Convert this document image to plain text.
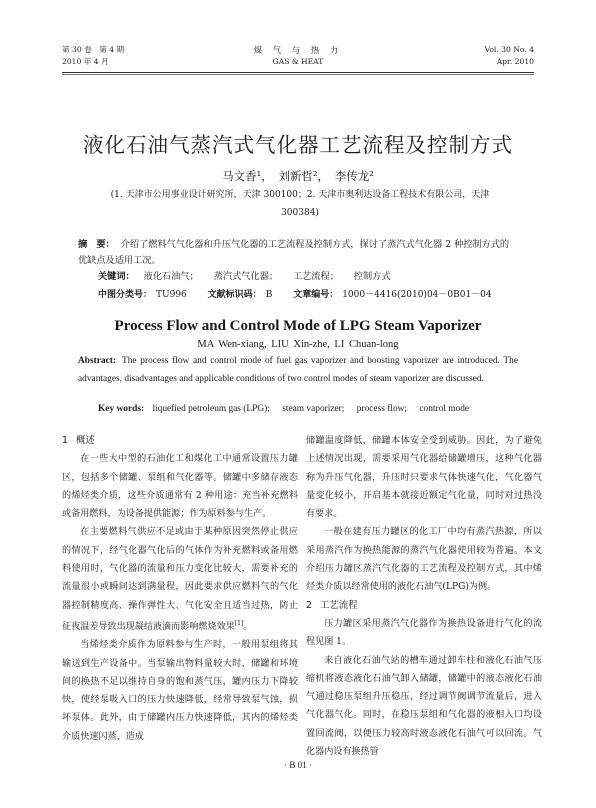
第 30 卷　第 4 期
2010 年 4 月
煤 气 与 热 力
GAS & HEAT
Vol. 30 No. 4
Apr. 2010
液化石油气蒸汽式气化器工艺流程及控制方式
马文香¹，　刘新哲²，　李传龙²
(1. 天津市公用事业设计研究所，天津 300100；2. 天津市奥利达设备工程技术有限公司，天津 300384)
摘　要： 介绍了燃料气气化器和升压气化器的工艺流程及控制方式，探讨了蒸汽式气化器 2 种控制方式的优缺点及适用工况。
关键词： 液化石油气； 蒸汽式气化器； 工艺流程； 控制方式
中图分类号： TU996 文献标识码： B 文章编号： 1000－4416(2010)04－0B01－04
Process Flow and Control Mode of LPG Steam Vaporizer
MA Wen-xiang, LIU Xin-zhe, LI Chuan-long
Abstract: The process flow and control mode of fuel gas vaporizer and boosting vaporizer are introduced. The advantages, disadvantages and applicable conditions of two control modes of steam vaporizer are discussed.
Key words: liquefied petroleum gas (LPG); steam vaporizer; process flow; control mode
1 概述

在一些大中型的石油化工和煤化工中通常设置压力罐区，包括多个储罐、泵组和气化器等。储罐中多储存液态的烯烃类介质，这些介质通常有 2 种用途：充当补充燃料或备用燃料，为设备提供能源；作为原料参与生产。

在主要燃料气供应不足或由于某种原因突然停止供应的情况下，经气化器气化后的气体作为补充燃料或备用燃料使用时，气化器的流量和压力变化比较大，需要补充的流量很小或瞬间达到满量程，因此要求供应燃料气的气化器控制精度高、操作弹性大、气化安全且适当过热，防止征夜温差导致出现凝结液滴而影响燃烧效果[1]。

当烯烃类介质作为原料参与生产时，一般用泵组将其输送到生产设备中。当泵输出物料量较大时，储罐和环境间的换热不足以维持自身的饱和蒸气压，罐内压力下降较快，使经泵吸入口的压力快速降低，经常导致泵气蚀，损坏泵体。此外，由于储罐内压力快速降低，其内的烯烃类介质快速闪蒸，造成

储罐温度降低，储罐本体安全受到威胁。因此，为了避免上述情况出现，需要采用气化器给储罐增压，这种气化器称为升压气化器，升压时只要求气体快速气化，气化器气量变化较小，开启基本就接近额定气化量，同时对过热没有要求。

一般在建有压力罐区的化工厂中均有蒸汽热源，所以采用蒸汽作为换热能源的蒸汽气化器使用较为普遍。本文介绍压力罐区蒸汽气化器的工艺流程及控制方式，其中烯烃类介质以经常使用的液化石油气(LPG)为例。

2 工艺流程

压力罐区采用蒸汽气化器作为换热设备进行气化的流程见图 1。

来自液化石油气站的槽车通过卸车柱和液化石油气压缩机将液态液化石油气卸入储罐，储罐中的液态液化石油气通过稳压泵组升压稳压，经过调节阀调节流量后，进入气化器气化。同时，在稳压泵组和气化器的液相入口均设置回流阀，以便压力较高时液态液化石油气可以回流。气化器内设有换热管

· B 01 ·
